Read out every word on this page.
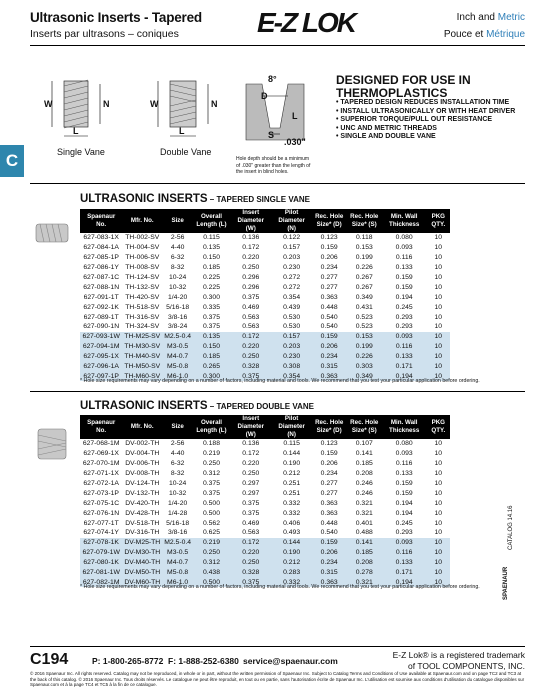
Ultrasonic Inserts - Tapered
Inserts par ultrasons – coniques	E-Z LOK	Inch and Metric
Pouce et Métrique
C
W	N
L
Single Vane
W	N
L
Double Vane
8°
D
L
S
.030"
Hole depth should be a minimum of .030" greater than the length of the insert in blind holes.
DESIGNED FOR USE IN THERMOPLASTICS
• TAPERED DESIGN REDUCES INSTALLATION TIME
• INSTALL ULTRASONICALLY OR WITH HEAT DRIVER
• SUPERIOR TORQUE/PULL OUT RESISTANCE
• UNC AND METRIC THREADS
• SINGLE AND DOUBLE VANE
ULTRASONIC INSERTS – TAPERED SINGLE VANE
Spaenaur No.	Mfr. No.	Size	Overall Length (L)	Insert Diameter (W)	Pilot Diameter (N)	Rec. Hole Size* (D)	Rec. Hole Size* (S)	Min. Wall Thickness	PKG QTY.
627-083-1X	TH-002-SV	2-56	0.115	0.136	0.122	0.123	0.118	0.080	10
627-084-1A	TH-004-SV	4-40	0.135	0.172	0.157	0.159	0.153	0.093	10
627-085-1P	TH-006-SV	6-32	0.150	0.220	0.203	0.206	0.199	0.116	10
627-086-1Y	TH-008-SV	8-32	0.185	0.250	0.230	0.234	0.226	0.133	10
627-087-1C	TH-124-SV	10-24	0.225	0.296	0.272	0.277	0.267	0.159	10
627-088-1N	TH-132-SV	10-32	0.225	0.296	0.272	0.277	0.267	0.159	10
627-091-1T	TH-420-SV	1/4-20	0.300	0.375	0.354	0.363	0.349	0.194	10
627-092-1K	TH-518-SV	5/16-18	0.335	0.469	0.439	0.448	0.431	0.245	10
627-089-1T	TH-316-SV	3/8-16	0.375	0.563	0.530	0.540	0.523	0.293	10
627-090-1N	TH-324-SV	3/8-24	0.375	0.563	0.530	0.540	0.523	0.293	10
627-093-1W	TH-M25-SV	M2.5-0.4	0.135	0.172	0.157	0.159	0.153	0.093	10
627-094-1M	TH-M30-SV	M3-0.5	0.150	0.220	0.203	0.206	0.199	0.116	10
627-095-1X	TH-M40-SV	M4-0.7	0.185	0.250	0.230	0.234	0.226	0.133	10
627-096-1A	TH-M50-SV	M5-0.8	0.265	0.328	0.308	0.315	0.303	0.171	10
627-097-1P	TH-M60-SV	M6-1.0	0.300	0.375	0.354	0.363	0.349	0.194	10
* Hole size requirements may vary depending on a number of factors, including material and tools. We recommend that you test your particular application before ordering.
ULTRASONIC INSERTS – TAPERED DOUBLE VANE
Spaenaur No.	Mfr. No.	Size	Overall Length (L)	Insert Diameter (W)	Pilot Diameter (N)	Rec. Hole Size* (D)	Rec. Hole Size* (S)	Min. Wall Thickness	PKG QTY.
627-068-1M	DV-002-TH	2-56	0.188	0.136	0.115	0.123	0.107	0.080	10
627-069-1X	DV-004-TH	4-40	0.219	0.172	0.144	0.159	0.141	0.093	10
627-070-1M	DV-006-TH	6-32	0.250	0.220	0.190	0.206	0.185	0.116	10
627-071-1X	DV-008-TH	8-32	0.312	0.250	0.212	0.234	0.208	0.133	10
627-072-1A	DV-124-TH	10-24	0.375	0.297	0.251	0.277	0.246	0.159	10
627-073-1P	DV-132-TH	10-32	0.375	0.297	0.251	0.277	0.246	0.159	10
627-075-1C	DV-420-TH	1/4-20	0.500	0.375	0.332	0.363	0.321	0.194	10
627-076-1N	DV-428-TH	1/4-28	0.500	0.375	0.332	0.363	0.321	0.194	10
627-077-1T	DV-518-TH	5/16-18	0.562	0.469	0.406	0.448	0.401	0.245	10
627-074-1Y	DV-316-TH	3/8-16	0.625	0.563	0.493	0.540	0.488	0.293	10
627-078-1K	DV-M25-TH	M2.5-0.4	0.219	0.172	0.144	0.159	0.141	0.093	10
627-079-1W	DV-M30-TH	M3-0.5	0.250	0.220	0.190	0.206	0.185	0.116	10
627-080-1K	DV-M40-TH	M4-0.7	0.312	0.250	0.212	0.234	0.208	0.133	10
627-081-1W	DV-M50-TH	M5-0.8	0.438	0.328	0.283	0.315	0.278	0.171	10
627-082-1M	DV-M60-TH	M6-1.0	0.500	0.375	0.332	0.363	0.321	0.194	10
* Hole size requirements may vary depending on a number of factors, including material and tools. We recommend that you test your particular application before ordering.
CATALOG 14.16
SPAENAUR
C194	P: 1-800-265-8772 F: 1-888-252-6380 service@spaenaur.com
E-Z Lok® is a registered trademark
of TOOL COMPONENTS, INC.
© 2016 Spaenaur Inc. All rights reserved. Catalog may not be reproduced, in whole or in part, without the written permission of Spaenaur Inc. Subject to Catalog Terms and Conditions of Use available at Spaenaur.com and on page TC2 and TC3 at the back of this catalog. © 2016 Spaenaur Inc. Tous droits réservés. Le catalogue ne peut être reproduit, en tout ou en partie, sans l'autorisation écrite de Spaenaur Inc. L'utilisation est soumise aux conditions d'utilisation du catalogue disponibles sur Spaenaur.com et à la page TC4 et TC5 à la fin de ce catalogue.
